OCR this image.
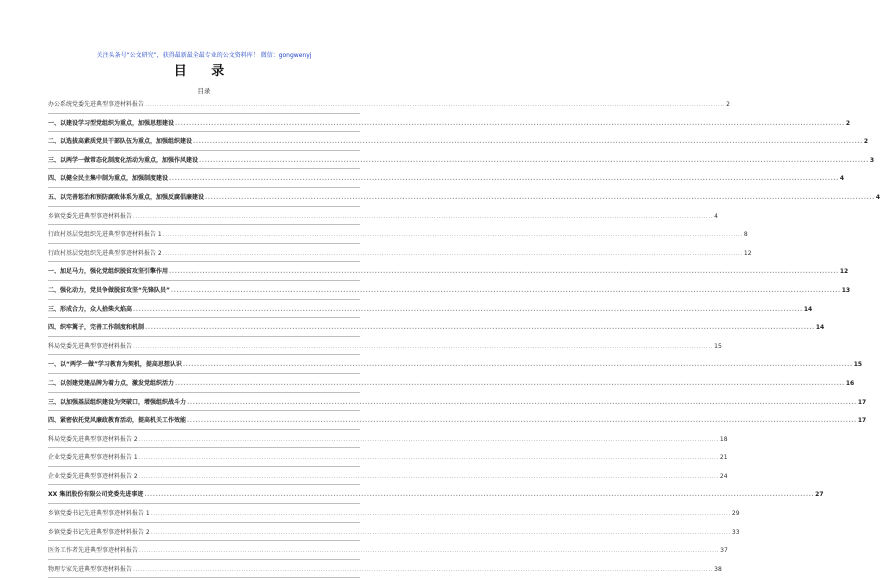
关注头条号“公文研究”，获得最新最全最专业的公文资料库！ 微信：gongwenyj
目 录
目录
办公系统党委先进典型事迹材料报告 .....	2
一、以建设学习型党组织为重点，加强思想建设 .....	2
二、以选拔高素质党员干部队伍为重点，加强组织建设 .....	2
三、以两学一做常态化制度化活动为重点，加强作风建设 .....	3
四、以健全民主集中制为重点，加强制度建设 .....	4
五、以完善惩治和预防腐败体系为重点，加强反腐倡廉建设 .....	4
乡镇党委先进典型事迹材料报告 .....	4
行政村基层党组织先进典型事迹材料报告 1 .....	8
行政村基层党组织先进典型事迹材料报告 2 .....	12
一、加足马力，强化党组织脱贫攻坚引擎作用 .....	12
二、强化动力，党员争做脱贫攻坚“先锋队员” .....	13
三、形成合力，众人拾柴火焰高 .....	14
四、织牢篱子，完善工作制度和机制 .....	14
科局党委先进典型事迹材料报告 .....	15
一、以“两学一做”学习教育为契机，提高思想认识 .....	15
二、以创建党建品牌为着力点，激发党组织活力 .....	16
三、以加强基层组织建设为突破口，增强组织战斗力 .....	17
四、紧密依托党风廉政教育活动，提高机关工作效能 .....	17
科局党委先进典型事迹材料报告 2 .....	18
企业党委先进典型事迹材料报告 1 .....	21
企业党委先进典型事迹材料报告 2 .....	24
XX 集团股份有限公司党委先进事迹 .....	27
乡镇党委书记先进典型事迹材料报告 1 .....	29
乡镇党委书记先进典型事迹材料报告 2 .....	33
医务工作者先进典型事迹材料报告 .....	37
物理专家先进典型事迹材料报告 .....	38
